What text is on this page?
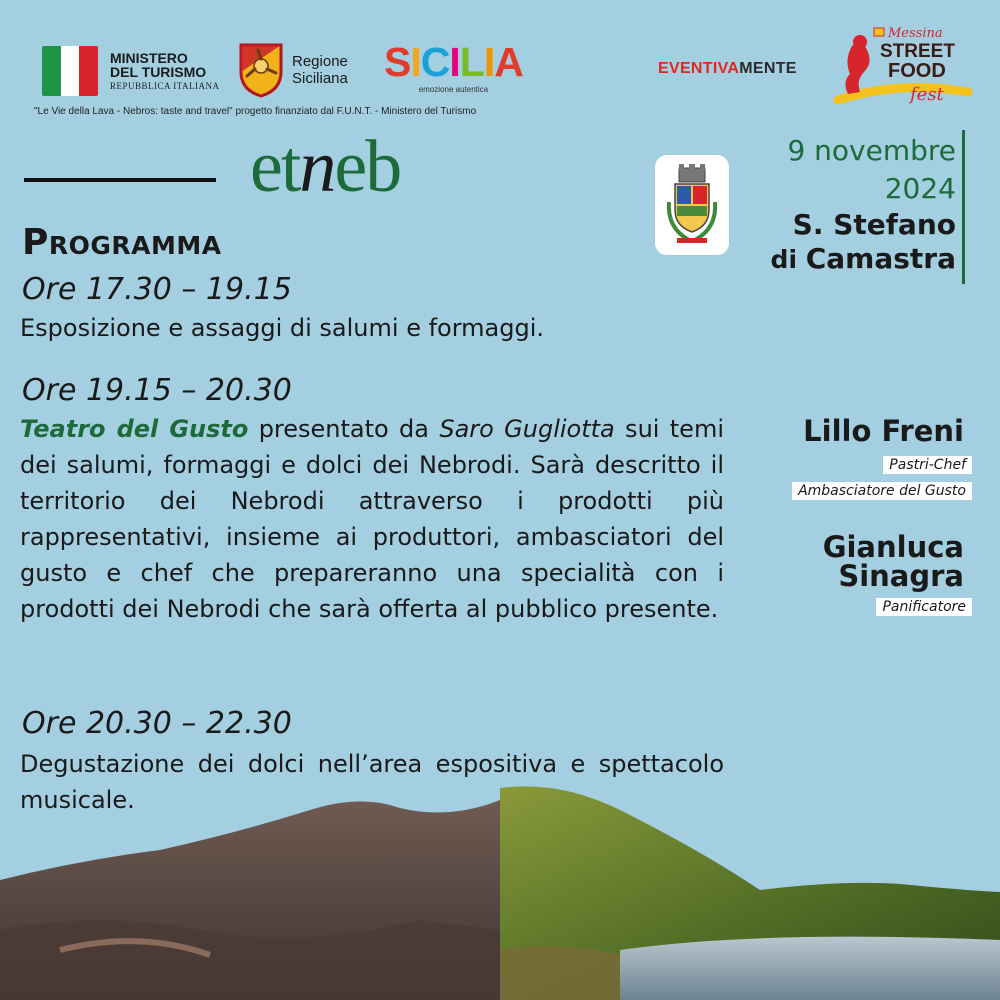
MINISTERO
DEL TURISMO
REPUBBLICA ITALIANA
Regione
Siciliana SICILIA
emozione autentica
"Le Vie della Lava - Nebros: taste and travel" progetto finanziato dal F.U.N.T. - Ministero del Turismo
EVENTIVAMENTE
Messina
STREET
FOOD
fest
etneb	9 novembre
2024
S. Stefano
di Camastra
Programma
Ore 17.30 – 19.15
Esposizione e assaggi di salumi e formaggi.
Ore 19.15 – 20.30
Teatro del Gusto presentato da Saro Gugliotta sui temi dei salumi, formaggi e dolci dei Nebrodi. Sarà descritto il territorio dei Nebrodi attraverso i prodotti più rappresentativi, insieme ai produttori, ambasciatori del gusto e chef che prepareranno una specialità con i prodotti dei Nebrodi che sarà offerta al pubblico presente.
Ore 20.30 – 22.30
Degustazione dei dolci nell’area espositiva e spettacolo musicale.
Lillo Freni
Pastri-Chef
Ambasciatore del Gusto
Gianluca
Sinagra
Panificatore
